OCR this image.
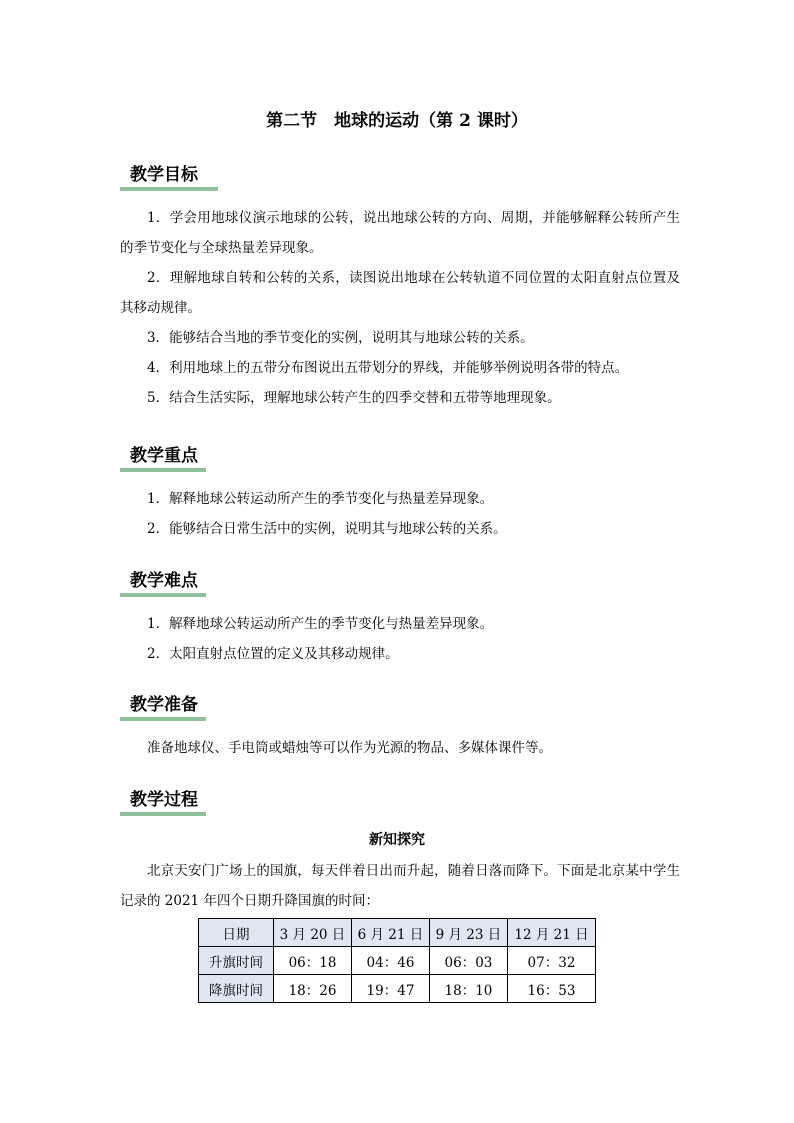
第二节　地球的运动（第 2 课时）
教学目标

1．学会用地球仪演示地球的公转，说出地球公转的方向、周期，并能够解释公转所产生的季节变化与全球热量差异现象。

2．理解地球自转和公转的关系，读图说出地球在公转轨道不同位置的太阳直射点位置及其移动规律。

3．能够结合当地的季节变化的实例，说明其与地球公转的关系。

4．利用地球上的五带分布图说出五带划分的界线，并能够举例说明各带的特点。

5．结合生活实际，理解地球公转产生的四季交替和五带等地理现象。

教学重点

1．解释地球公转运动所产生的季节变化与热量差异现象。

2．能够结合日常生活中的实例，说明其与地球公转的关系。

教学难点

1．解释地球公转运动所产生的季节变化与热量差异现象。

2．太阳直射点位置的定义及其移动规律。

教学准备

准备地球仪、手电筒或蜡烛等可以作为光源的物品、多媒体课件等。

教学过程
新知探究

北京天安门广场上的国旗，每天伴着日出而升起，随着日落而降下。下面是北京某中学生记录的 2021 年四个日期升降国旗的时间：

日期	3 月 20 日	6 月 21 日	9 月 23 日	12 月 21 日
升旗时间	06：18	04：46	06：03	07：32
降旗时间	18：26	19：47	18：10	16：53
